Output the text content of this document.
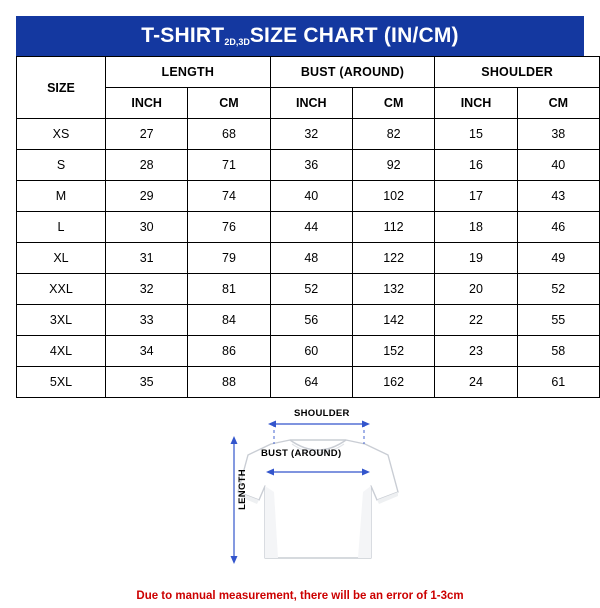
T-SHIRT2D,3DSIZE CHART (IN/CM)
SIZE	LENGTH		BUST (AROUND)		SHOULDER	
	INCH	CM	INCH	CM	INCH	CM
XS	27	68	32	82	15	38
S	28	71	36	92	16	40
M	29	74	40	102	17	43
L	30	76	44	112	18	46
XL	31	79	48	122	19	49
XXL	32	81	52	132	20	52
3XL	33	84	56	142	22	55
4XL	34	86	60	152	23	58
5XL	35	88	64	162	24	61
SHOULDER
BUST (AROUND)
LENGTH
Due to manual measurement, there will be an error of 1-3cm
